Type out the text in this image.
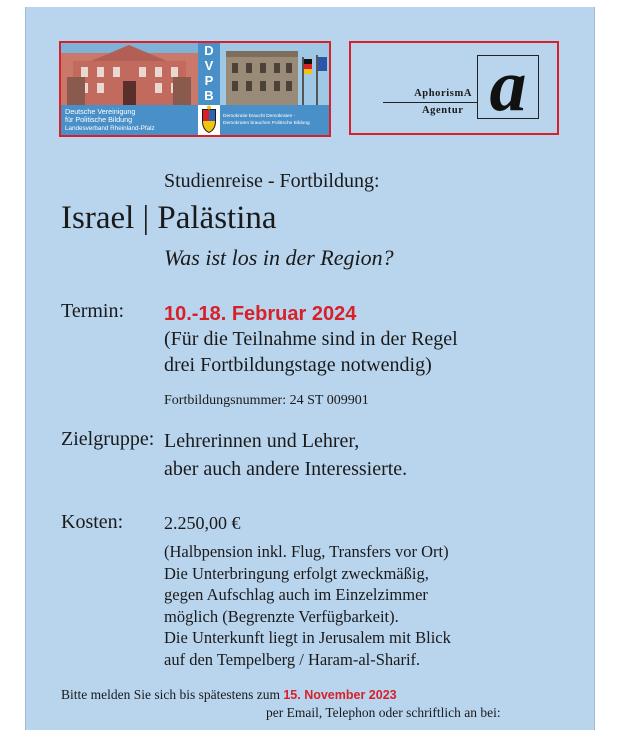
Deutsche Vereinigung
für Politische Bildung
Landesverband Rheinland-Pfalz
D
V
P
B
Demokratie braucht Demokraten -
Demokraten brauchen Politische Bildung
AphorismA
Agentur a
Studienreise - Fortbildung:
Israel | Palästina
Was ist los in der Region?
Termin: 10.-18. Februar 2024
(Für die Teilnahme sind in der Regel
drei Fortbildungstage notwendig)
Fortbildungsnummer: 24 ST 009901
Zielgruppe: Lehrerinnen und Lehrer,
aber auch andere Interessierte.
Kosten: 2.250,00 €
(Halbpension inkl. Flug, Transfers vor Ort)
Die Unterbringung erfolgt zweckmäßig,
gegen Aufschlag auch im Einzelzimmer
möglich (Begrenzte Verfügbarkeit).
Die Unterkunft liegt in Jerusalem mit Blick
auf den Tempelberg / Haram-al-Sharif.
Bitte melden Sie sich bis spätestens zum 15. November 2023
per Email, Telephon oder schriftlich an bei:
